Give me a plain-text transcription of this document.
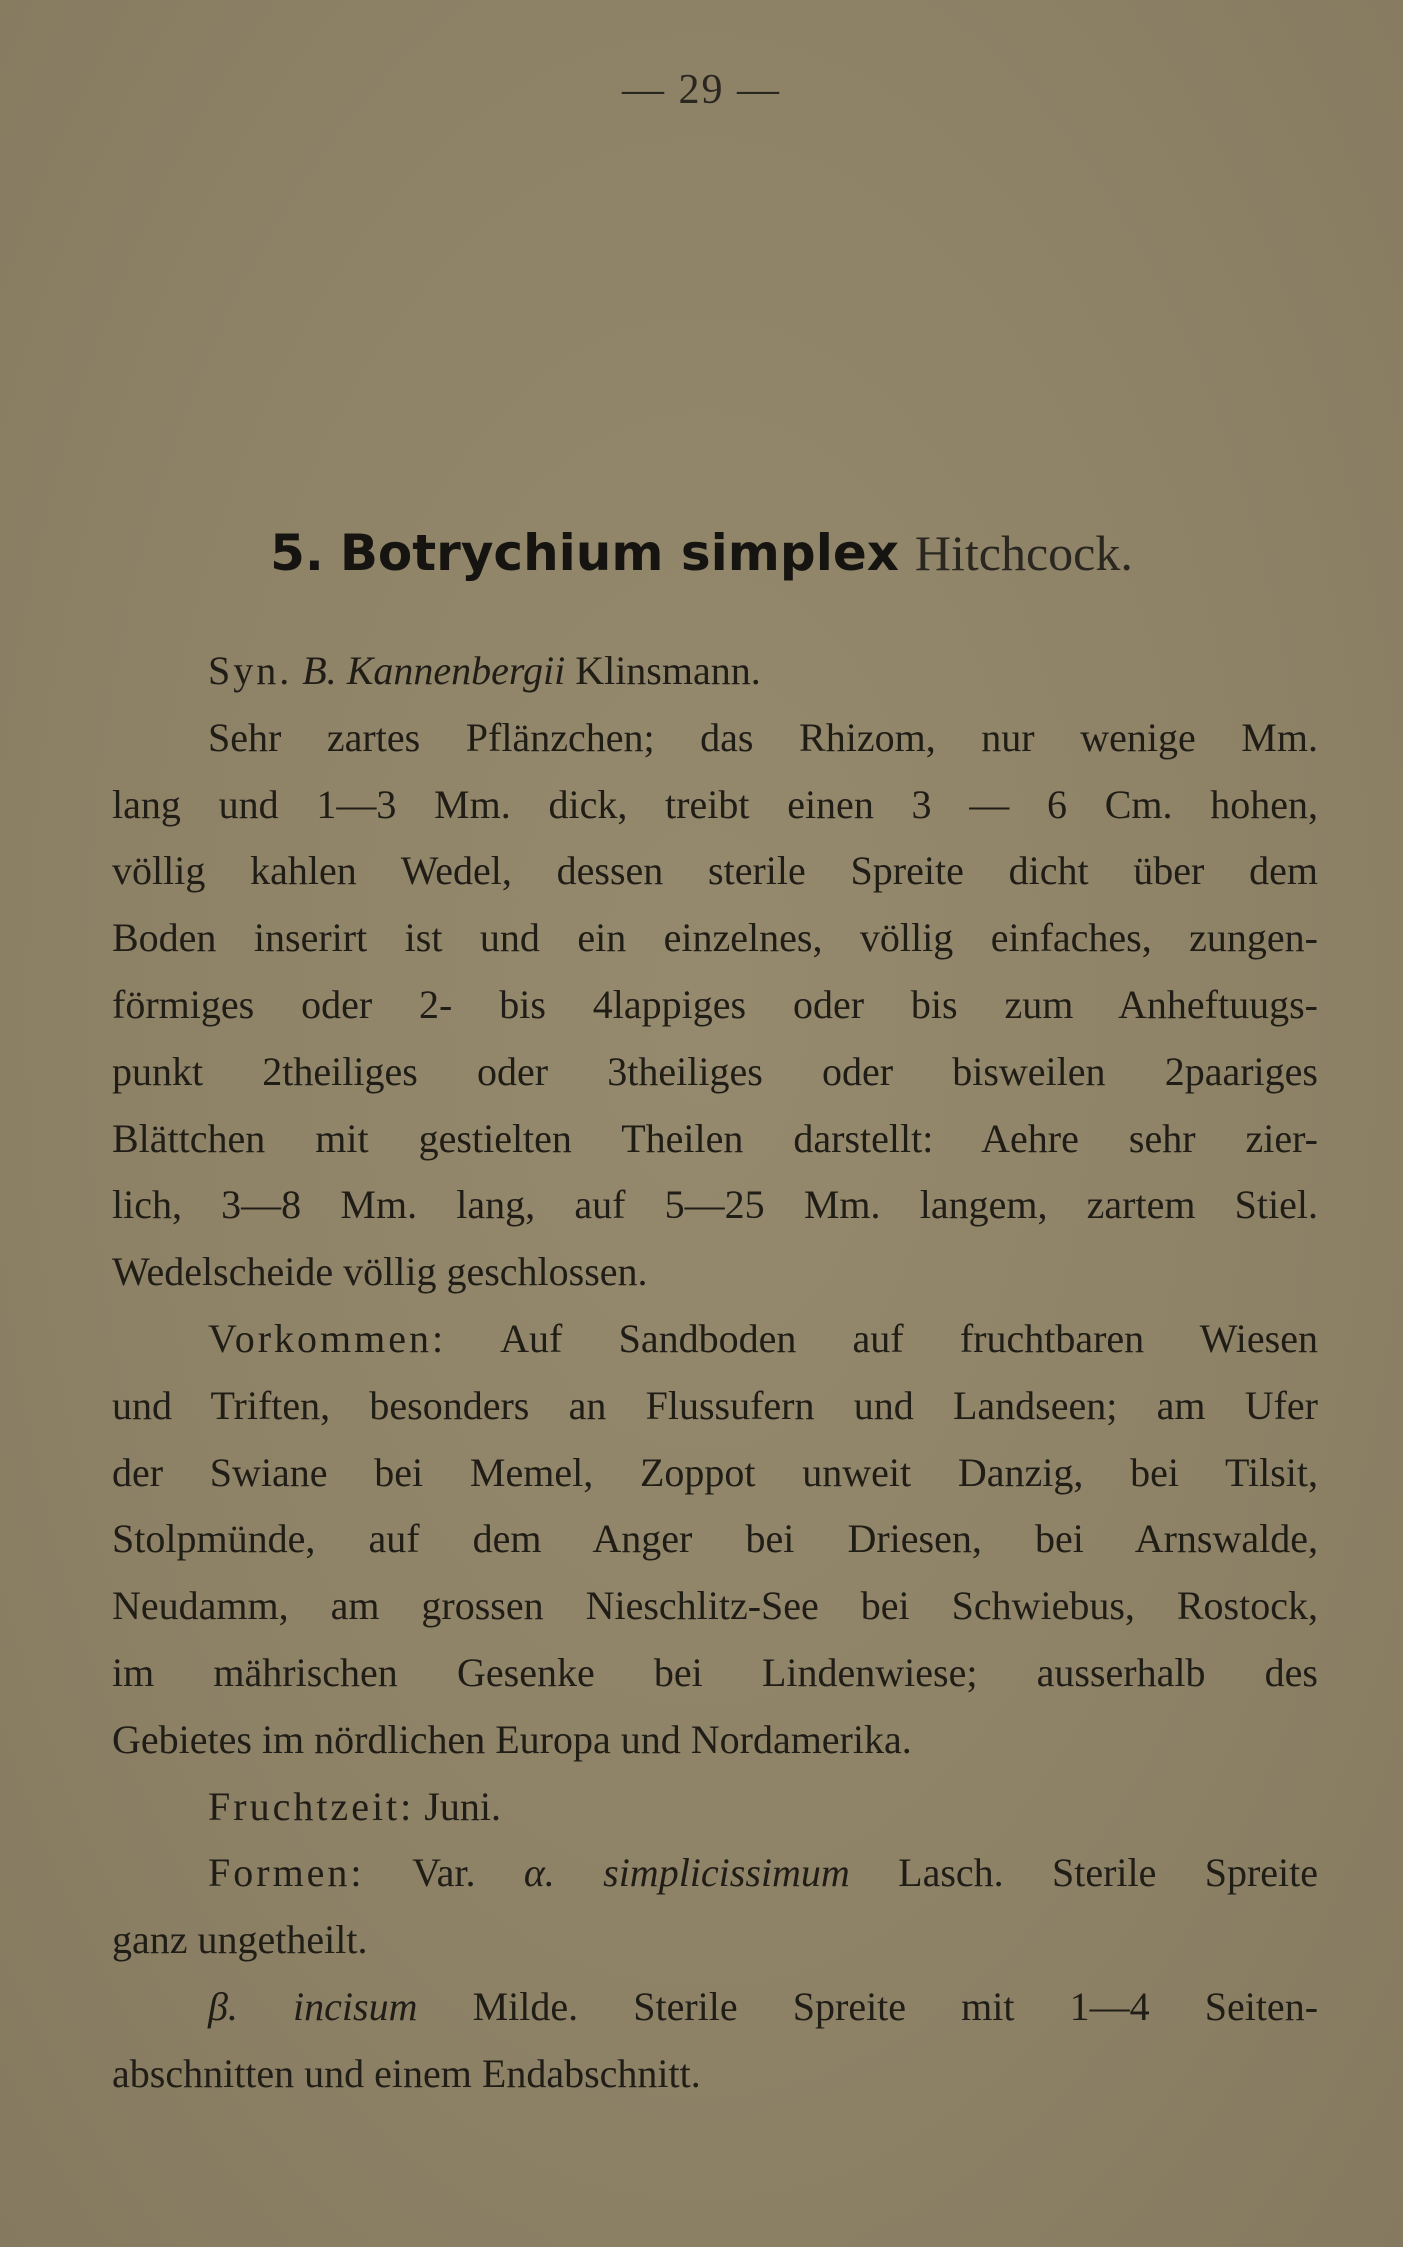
— 29 —
5. Botrychium simplex Hitchcock.
Syn. B. Kannenbergii Klinsmann.
Sehr zartes Pflänzchen; das Rhizom, nur wenige Mm.
lang und 1—3 Mm. dick, treibt einen 3 — 6 Cm. hohen,
völlig kahlen Wedel, dessen sterile Spreite dicht über dem
Boden inserirt ist und ein einzelnes, völlig einfaches, zungen-
förmiges oder 2- bis 4lappiges oder bis zum Anheftuugs-
punkt 2theiliges oder 3theiliges oder bisweilen 2paariges
Blättchen mit gestielten Theilen darstellt: Aehre sehr zier-
lich, 3—8 Mm. lang, auf 5—25 Mm. langem, zartem Stiel.
Wedelscheide völlig geschlossen.
Vorkommen: Auf Sandboden auf fruchtbaren Wiesen
und Triften, besonders an Flussufern und Landseen; am Ufer
der Swiane bei Memel, Zoppot unweit Danzig, bei Tilsit,
Stolpmünde, auf dem Anger bei Driesen, bei Arnswalde,
Neudamm, am grossen Nieschlitz-See bei Schwiebus, Rostock,
im mährischen Gesenke bei Lindenwiese; ausserhalb des
Gebietes im nördlichen Europa und Nordamerika.
Fruchtzeit: Juni.
Formen: Var. α. simplicissimum Lasch. Sterile Spreite
ganz ungetheilt.
β. incisum Milde. Sterile Spreite mit 1—4 Seiten-
abschnitten und einem Endabschnitt.
